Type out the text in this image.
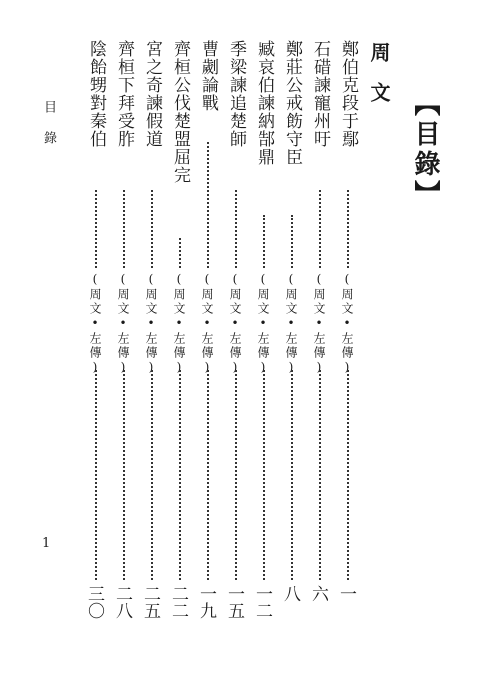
【目錄】
周文
鄭伯克段于鄢
(周文•左傳)
一
石碏諫寵州吁
(周文•左傳)
六
鄭莊公戒飭守臣
(周文•左傳)
八
臧哀伯諫納郜鼎
(周文•左傳)
一二
季梁諫追楚師
(周文•左傳)
一五
曹劌論戰
(周文•左傳)
一九
齊桓公伐楚盟屈完
(周文•左傳)
二二
宮之奇諫假道
(周文•左傳)
二五
齊桓下拜受胙
(周文•左傳)
二八
陰飴甥對秦伯
(周文•左傳)
三〇
目錄
1
